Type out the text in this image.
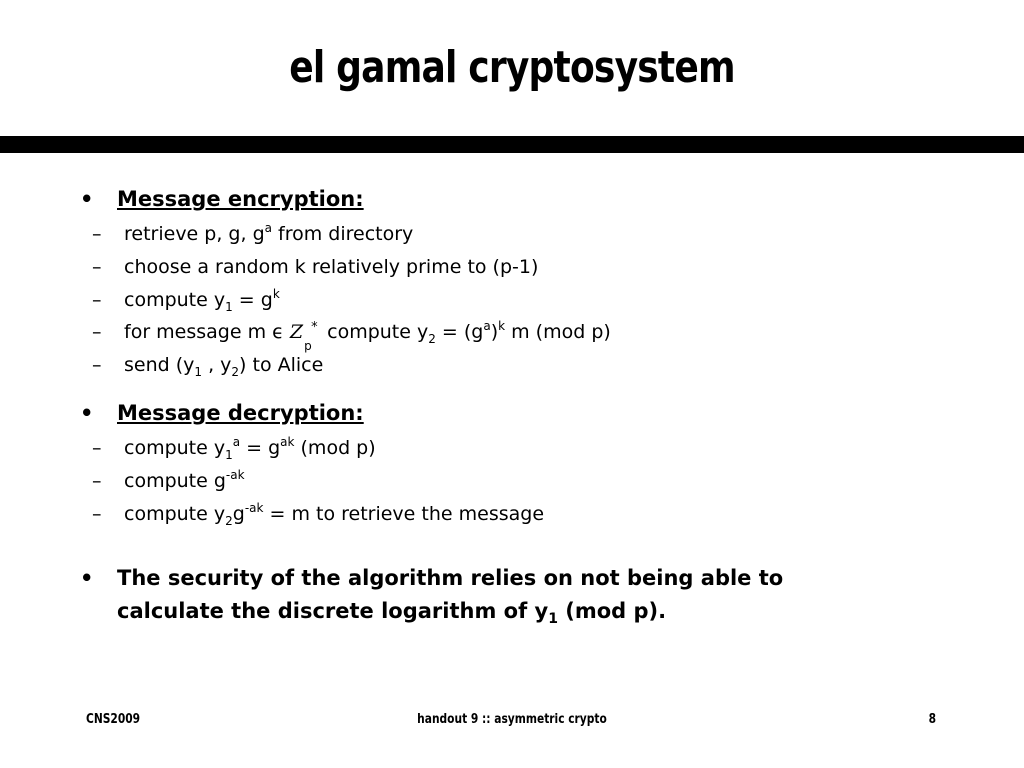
el gamal cryptosystem
•	Message encryption:
– retrieve p, g, $g^a$ from directory
– choose a random k relatively prime to (p-1)
– compute $y_1 = g^k$
– for message m ϵ Z
p
* compute $y_2 = (g^a)^k$ m (mod p)
– send ($y_1$ , $y_2$) to Alice
•	Message decryption:
– compute $y_1^a = g^{ak}$ (mod p)
– compute $g^{-ak}$
– compute $y_2g^{-ak} = m$ to retrieve the message
•	The security of the algorithm relies on not being able to
calculate the discrete logarithm of $y_1$ (mod p).
CNS2009	handout 9 :: asymmetric crypto	8
